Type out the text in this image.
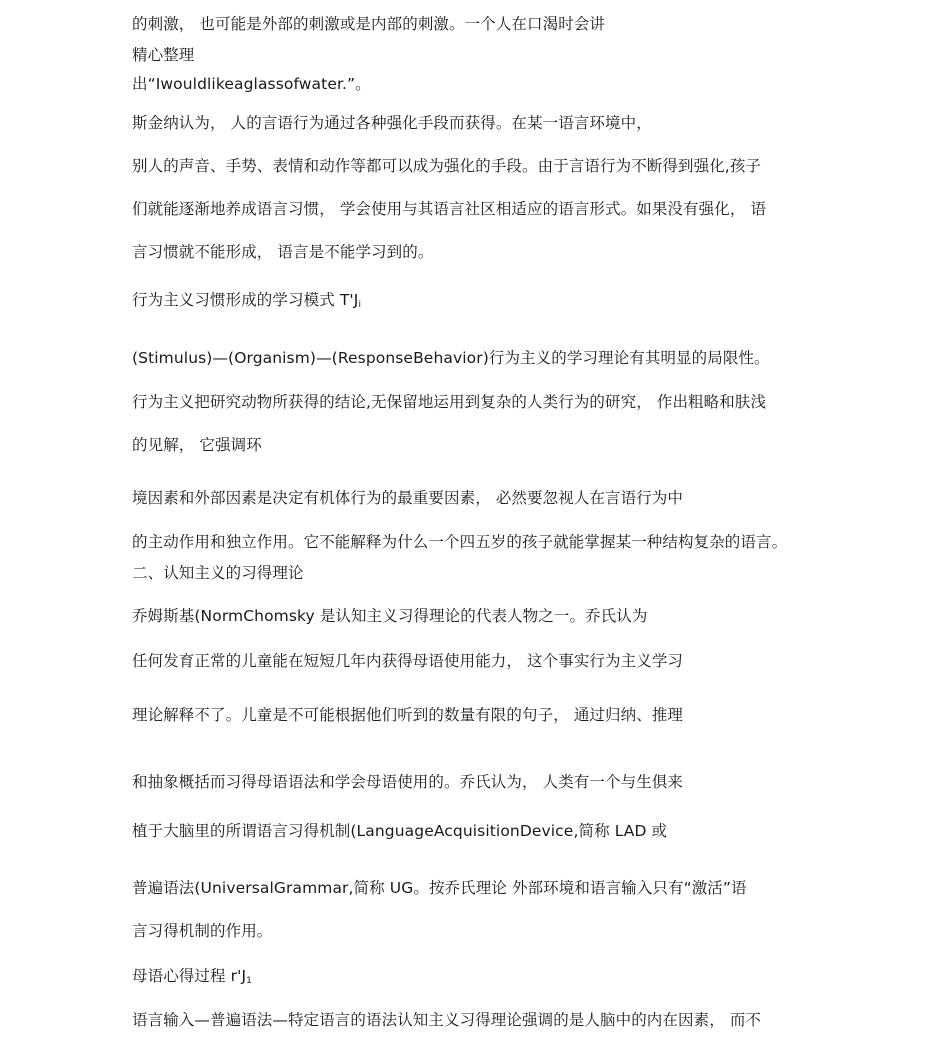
的刺激， 也可能是外部的刺激或是内部的刺激。一个人在口渴时会讲
精心整理
出“Iwouldlikeaglassofwater.”。
斯金纳认为， 人的言语行为通过各种强化手段而获得。在某一语言环境中，
别人的声音、手势、表情和动作等都可以成为强化的手段。由于言语行为不断得到强化,孩子
们就能逐渐地养成语言习惯， 学会使用与其语言社区相适应的语言形式。如果没有强化， 语
言习惯就不能形成， 语言是不能学习到的。
行为主义习惯形成的学习模式 $T'J_i$
(Stimulus)—(Organism)—(ResponseBehavior)行为主义的学习理论有其明显的局限性。
行为主义把研究动物所获得的结论,无保留地运用到复杂的人类行为的研究， 作出粗略和肤浅
的见解， 它强调环
境因素和外部因素是决定有机体行为的最重要因素， 必然要忽视人在言语行为中
的主动作用和独立作用。它不能解释为什么一个四五岁的孩子就能掌握某一种结构复杂的语言。
二、认知主义的习得理论
乔姆斯基(NormChomsky 是认知主义习得理论的代表人物之一。乔氏认为
任何发育正常的儿童能在短短几年内获得母语使用能力， 这个事实行为主义学习
理论解释不了。儿童是不可能根据他们听到的数量有限的句子， 通过归纳、推理
和抽象概括而习得母语语法和学会母语使用的。乔氏认为， 人类有一个与生俱来
植于大脑里的所谓语言习得机制(LanguageAcquisitionDevice,简称 LAD 或
普遍语法(UniversalGrammar,简称 UG。按乔氏理论 外部环境和语言输入只有“激活”语
言习得机制的作用。
母语心得过程 $r'J_1$
语言输入—普遍语法—特定语言的语法认知主义习得理论强调的是人脑中的内在因素， 而不
